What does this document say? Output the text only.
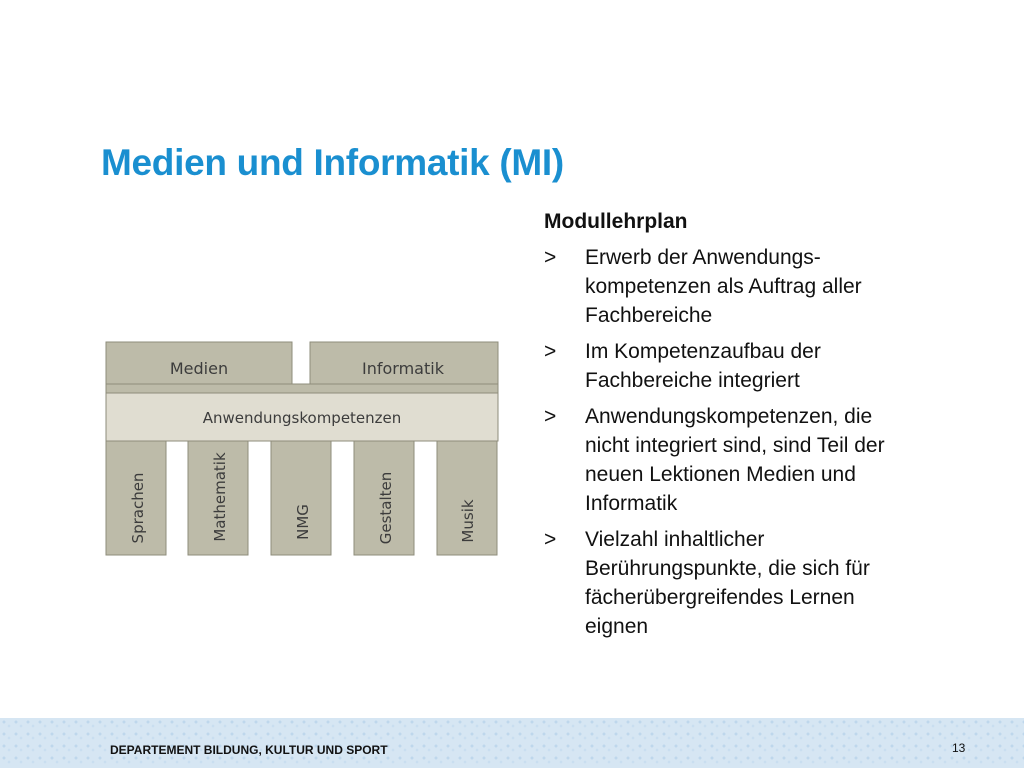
Medien und Informatik (MI)
Medien	Informatik
Anwendungskompetenzen
Sprachen	Mathematik	NMG	Gestalten	Musik
Modullehrplan
>	Erwerb der Anwendungs-
kompetenzen als Auftrag aller
Fachbereiche
>	Im Kompetenzaufbau der
Fachbereiche integriert
>	Anwendungskompetenzen, die
nicht integriert sind, sind Teil der
neuen Lektionen Medien und
Informatik
>	Vielzahl inhaltlicher
Berührungspunkte, die sich für
fächerübergreifendes Lernen
eignen
DEPARTEMENT BILDUNG, KULTUR UND SPORT	13
